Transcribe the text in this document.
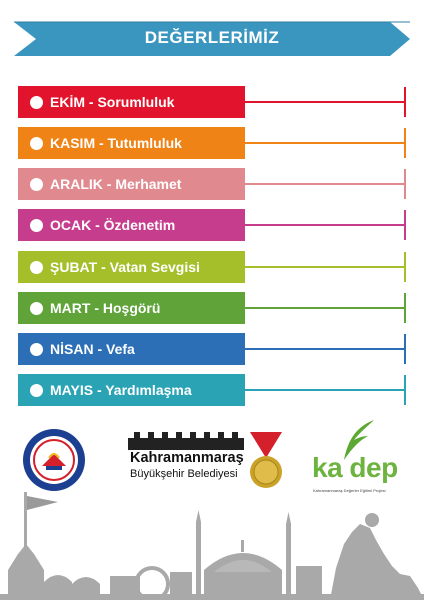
DEĞERLERİMİZ
EKİM - Sorumluluk
KASIM - Tutumluluk
ARALIK - Merhamet
OCAK - Özdenetim
ŞUBAT - Vatan Sevgisi
MART - Hoşgörü
NİSAN - Vefa
MAYIS - Yardımlaşma
Kahramanmaraş
Büyükşehir Belediyesi	ka dep
Kahramanmaraş Değerler Eğitimi Projesi
